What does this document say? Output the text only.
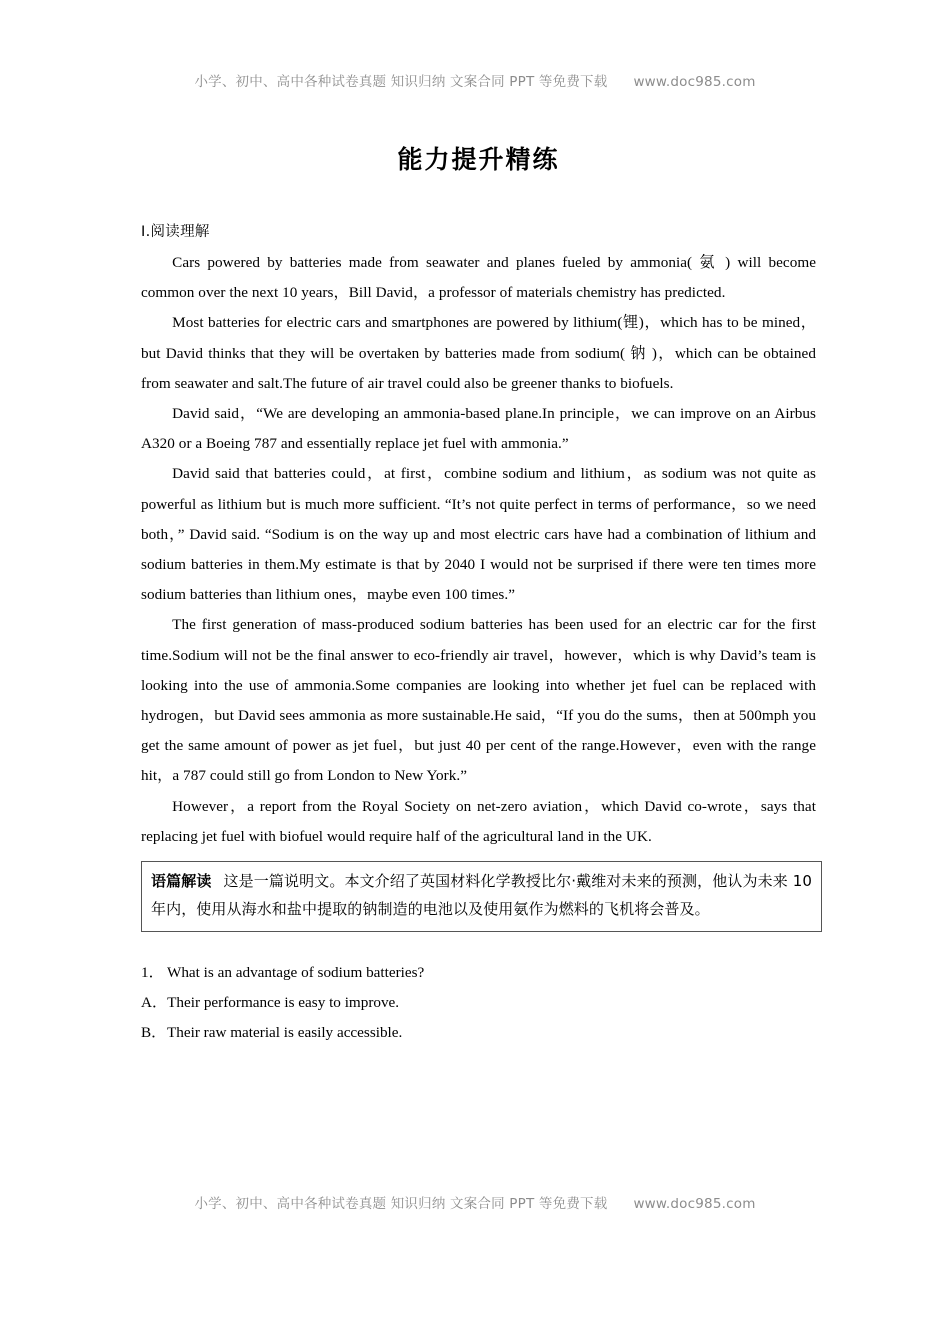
小学、初中、高中各种试卷真题 知识归纳 文案合同 PPT 等免费下载 www.doc985.com
能力提升精练
Ⅰ.阅读理解

Cars powered by batteries made from seawater and planes fueled by ammonia( 氨 ) will become common over the next 10 years，Bill David，a professor of materials chemistry has predicted.

Most batteries for electric cars and smartphones are powered by lithium(锂)，which has to be mined，but David thinks that they will be overtaken by batteries made from sodium( 钠 )，which can be obtained from seawater and salt.The future of air travel could also be greener thanks to biofuels.

David said，“We are developing an ammonia-based plane.In principle，we can improve on an Airbus A320 or a Boeing 787 and essentially replace jet fuel with ammonia.”

David said that batteries could，at first，combine sodium and lithium，as sodium was not quite as powerful as lithium but is much more sufficient. “It’s not quite perfect in terms of performance，so we need both，” David said. “Sodium is on the way up and most electric cars have had a combination of lithium and sodium batteries in them.My estimate is that by 2040 I would not be surprised if there were ten times more sodium batteries than lithium ones，maybe even 100 times.”

The first generation of mass-produced sodium batteries has been used for an electric car for the first time.Sodium will not be the final answer to eco-friendly air travel，however，which is why David’s team is looking into the use of ammonia.Some companies are looking into whether jet fuel can be replaced with hydrogen，but David sees ammonia as more sustainable.He said，“If you do the sums，then at 500mph you get the same amount of power as jet fuel，but just 40 per cent of the range.However，even with the range hit，a 787 could still go from London to New York.”

However，a report from the Royal Society on net-zero aviation，which David co-wrote，says that replacing jet fuel with biofuel would require half of the agricultural land in the UK.

语篇解读 这是一篇说明文。本文介绍了英国材料化学教授比尔·戴维对未来的预测，他认为未来 10 年内，使用从海水和盐中提取的钠制造的电池以及使用氨作为燃料的飞机将会普及。

1． What is an advantage of sodium batteries?

A．Their performance is easy to improve.

B．Their raw material is easily accessible.

小学、初中、高中各种试卷真题 知识归纳 文案合同 PPT 等免费下载 www.doc985.com
